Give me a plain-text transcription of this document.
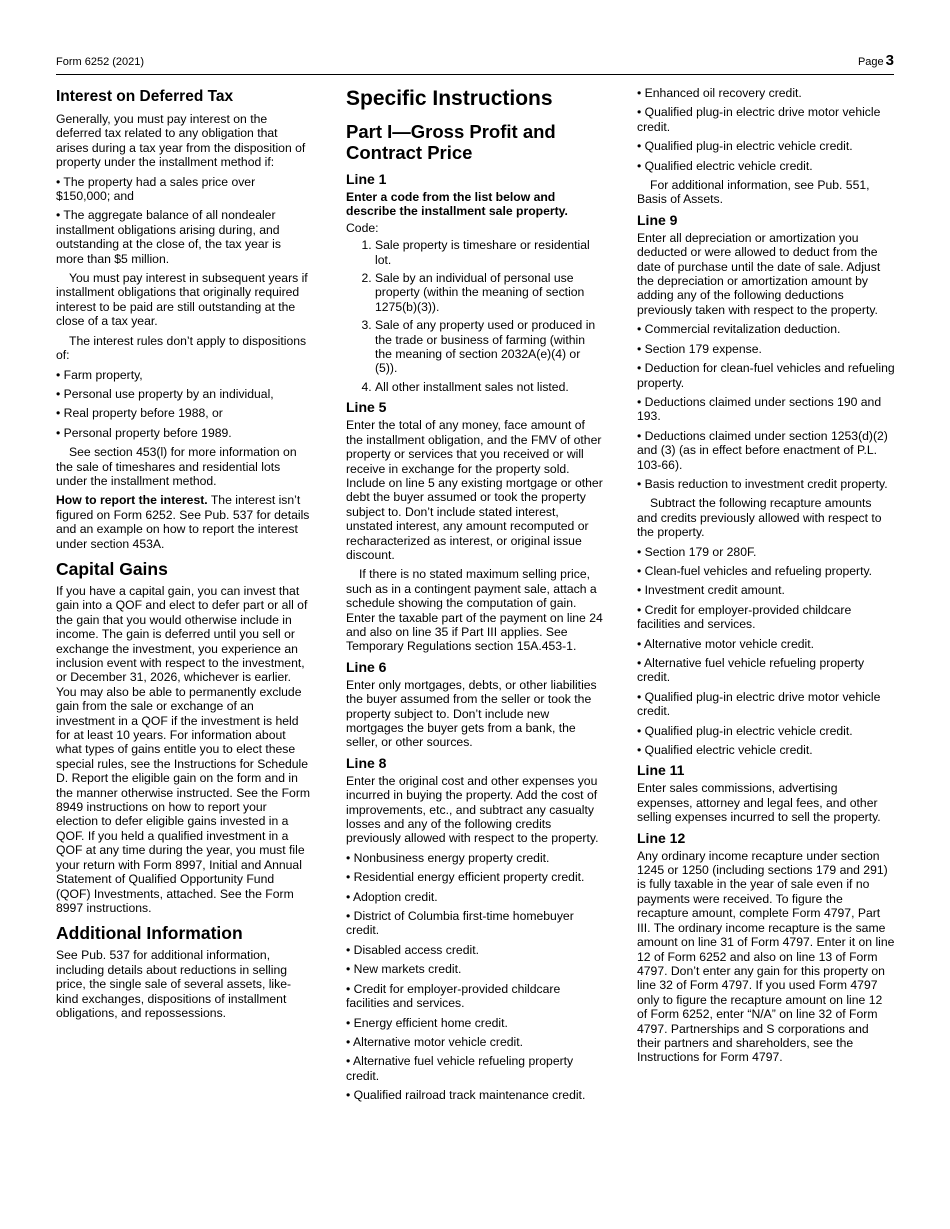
Form 6252 (2021)	Page 3
Interest on Deferred Tax

Generally, you must pay interest on the deferred tax related to any obligation that arises during a tax year from the disposition of property under the installment method if:

• The property had a sales price over $150,000; and

• The aggregate balance of all nondealer installment obligations arising during, and outstanding at the close of, the tax year is more than $5 million.

You must pay interest in subsequent years if installment obligations that originally required interest to be paid are still outstanding at the close of a tax year.

The interest rules don’t apply to dispositions of:

• Farm property,

• Personal use property by an individual,

• Real property before 1988, or

• Personal property before 1989.

See section 453(l) for more information on the sale of timeshares and residential lots under the installment method.

How to report the interest. The interest isn’t figured on Form 6252. See Pub. 537 for details and an example on how to report the interest under section 453A.

Capital Gains

If you have a capital gain, you can invest that gain into a QOF and elect to defer part or all of the gain that you would otherwise include in income. The gain is deferred until you sell or exchange the investment, you experience an inclusion event with respect to the investment, or December 31, 2026, whichever is earlier. You may also be able to permanently exclude gain from the sale or exchange of an investment in a QOF if the investment is held for at least 10 years. For information about what types of gains entitle you to elect these special rules, see the Instructions for Schedule D. Report the eligible gain on the form and in the manner otherwise instructed. See the Form 8949 instructions on how to report your election to defer eligible gains invested in a QOF. If you held a qualified investment in a QOF at any time during the year, you must file your return with Form 8997, Initial and Annual Statement of Qualified Opportunity Fund (QOF) Investments, attached. See the Form 8997 instructions.

Additional Information

See Pub. 537 for additional information, including details about reductions in selling price, the single sale of several assets, like-kind exchanges, dispositions of installment obligations, and repossessions.

Specific Instructions
Part I—Gross Profit and Contract Price
Line 1

Enter a code from the list below and describe the installment sale property.

Code:

1. Sale property is timeshare or residential lot.
2. Sale by an individual of personal use property (within the meaning of section 1275(b)(3)).
3. Sale of any property used or produced in the trade or business of farming (within the meaning of section 2032A(e)(4) or (5)).
4. All other installment sales not listed.
Line 5

Enter the total of any money, face amount of the installment obligation, and the FMV of other property or services that you received or will receive in exchange for the property sold. Include on line 5 any existing mortgage or other debt the buyer assumed or took the property subject to. Don’t include stated interest, unstated interest, any amount recomputed or recharacterized as interest, or original issue discount.

If there is no stated maximum selling price, such as in a contingent payment sale, attach a schedule showing the computation of gain. Enter the taxable part of the payment on line 24 and also on line 35 if Part III applies. See Temporary Regulations section 15A.453-1.

Line 6

Enter only mortgages, debts, or other liabilities the buyer assumed from the seller or took the property subject to. Don’t include new mortgages the buyer gets from a bank, the seller, or other sources.

Line 8

Enter the original cost and other expenses you incurred in buying the property. Add the cost of improvements, etc., and subtract any casualty losses and any of the following credits previously allowed with respect to the property.

• Nonbusiness energy property credit.

• Residential energy efficient property credit.

• Adoption credit.

• District of Columbia first-time homebuyer credit.

• Disabled access credit.

• New markets credit.

• Credit for employer-provided childcare facilities and services.

• Energy efficient home credit.

• Alternative motor vehicle credit.

• Alternative fuel vehicle refueling property credit.

• Qualified railroad track maintenance credit.

• Enhanced oil recovery credit.

• Qualified plug-in electric drive motor vehicle credit.

• Qualified plug-in electric vehicle credit.

• Qualified electric vehicle credit.

For additional information, see Pub. 551, Basis of Assets.

Line 9

Enter all depreciation or amortization you deducted or were allowed to deduct from the date of purchase until the date of sale. Adjust the depreciation or amortization amount by adding any of the following deductions previously taken with respect to the property.

• Commercial revitalization deduction.

• Section 179 expense.

• Deduction for clean-fuel vehicles and refueling property.

• Deductions claimed under sections 190 and 193.

• Deductions claimed under section 1253(d)(2) and (3) (as in effect before enactment of P.L. 103-66).

• Basis reduction to investment credit property.

Subtract the following recapture amounts and credits previously allowed with respect to the property.

• Section 179 or 280F.

• Clean-fuel vehicles and refueling property.

• Investment credit amount.

• Credit for employer-provided childcare facilities and services.

• Alternative motor vehicle credit.

• Alternative fuel vehicle refueling property credit.

• Qualified plug-in electric drive motor vehicle credit.

• Qualified plug-in electric vehicle credit.

• Qualified electric vehicle credit.

Line 11

Enter sales commissions, advertising expenses, attorney and legal fees, and other selling expenses incurred to sell the property.

Line 12

Any ordinary income recapture under section 1245 or 1250 (including sections 179 and 291) is fully taxable in the year of sale even if no payments were received. To figure the recapture amount, complete Form 4797, Part III. The ordinary income recapture is the same amount on line 31 of Form 4797. Enter it on line 12 of Form 6252 and also on line 13 of Form 4797. Don’t enter any gain for this property on line 32 of Form 4797. If you used Form 4797 only to figure the recapture amount on line 12 of Form 6252, enter “N/A” on line 32 of Form 4797. Partnerships and S corporations and their partners and shareholders, see the Instructions for Form 4797.
